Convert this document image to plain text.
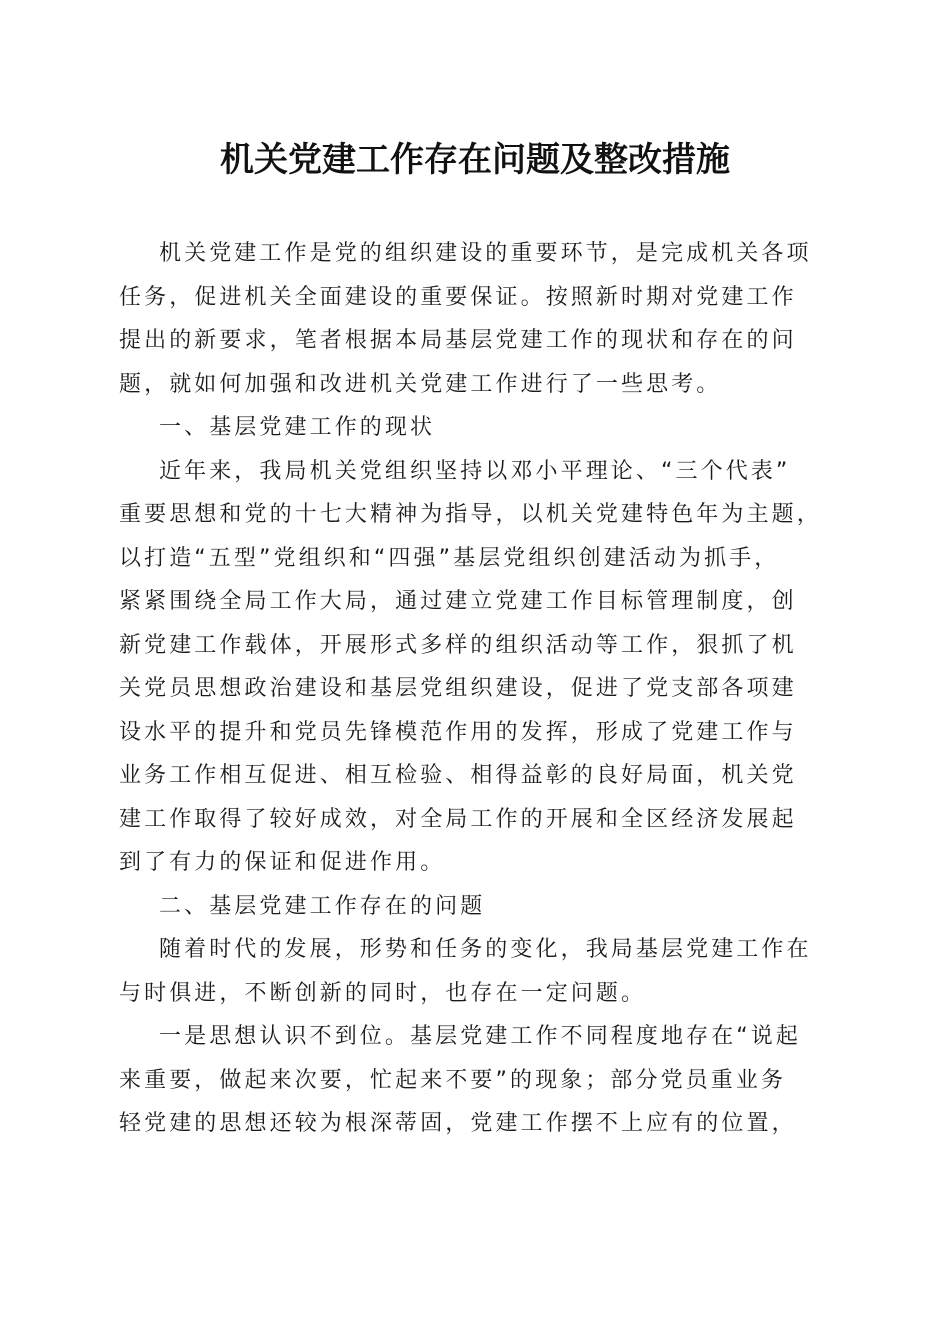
机关党建工作存在问题及整改措施

机关党建工作是党的组织建设的重要环节，是完成机关各项

任务，促进机关全面建设的重要保证。按照新时期对党建工作

提出的新要求，笔者根据本局基层党建工作的现状和存在的问

题，就如何加强和改进机关党建工作进行了一些思考。

一、基层党建工作的现状

近年来，我局机关党组织坚持以邓小平理论、“三个代表”

重要思想和党的十七大精神为指导，以机关党建特色年为主题，

以打造“五型”党组织和“四强”基层党组织创建活动为抓手，

紧紧围绕全局工作大局，通过建立党建工作目标管理制度，创

新党建工作载体，开展形式多样的组织活动等工作，狠抓了机

关党员思想政治建设和基层党组织建设，促进了党支部各项建

设水平的提升和党员先锋模范作用的发挥，形成了党建工作与

业务工作相互促进、相互检验、相得益彰的良好局面，机关党

建工作取得了较好成效，对全局工作的开展和全区经济发展起

到了有力的保证和促进作用。

二、基层党建工作存在的问题

随着时代的发展，形势和任务的变化，我局基层党建工作在

与时俱进，不断创新的同时，也存在一定问题。

一是思想认识不到位。基层党建工作不同程度地存在“说起

来重要，做起来次要，忙起来不要”的现象；部分党员重业务

轻党建的思想还较为根深蒂固，党建工作摆不上应有的位置，
